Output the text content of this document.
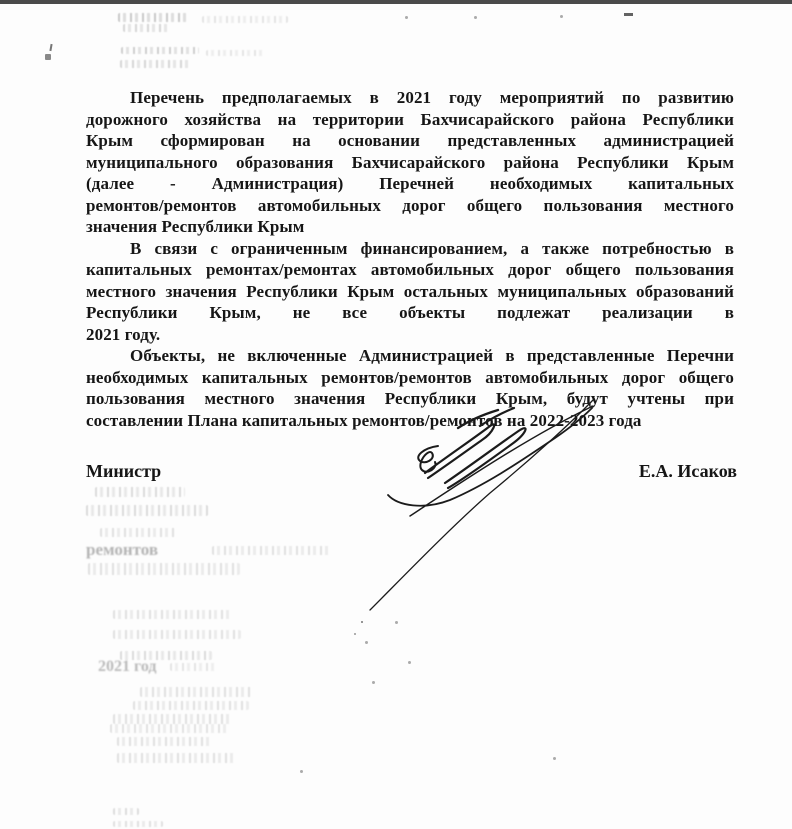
Перечень предполагаемых в 2021 году мероприятий по развитию
дорожного хозяйства на территории Бахчисарайского района Республики
Крым сформирован на основании представленных администрацией
муниципального образования Бахчисарайского района Республики Крым
(далее - Администрация) Перечней необходимых капитальных
ремонтов/ремонтов автомобильных дорог общего пользования местного
значения Республики Крым
В связи с ограниченным финансированием, а также потребностью в
капитальных ремонтах/ремонтах автомобильных дорог общего пользования
местного значения Республики Крым остальных муниципальных образований
Республики Крым, не все объекты подлежат реализации в
2021 году.
Объекты, не включенные Администрацией в представленные Перечни
необходимых капитальных ремонтов/ремонтов автомобильных дорог общего
пользования местного значения Республики Крым, будут учтены при
составлении Плана капитальных ремонтов/ремонтов на 2022-2023 года
Министр	Е.А. Исаков
ремонтов
2021 год
